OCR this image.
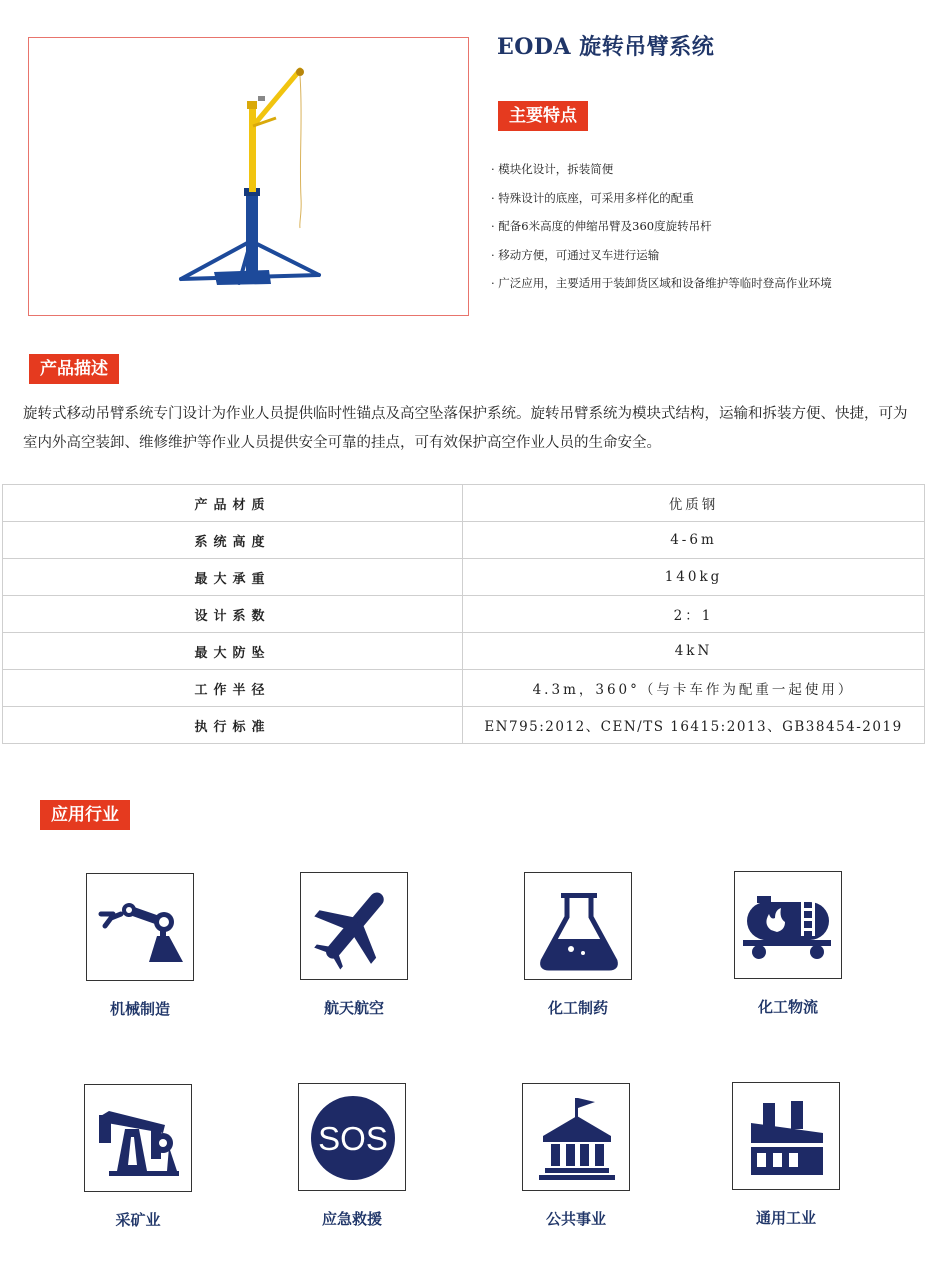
EODA 旋转吊臂系统
主要特点
· 模块化设计，拆装简便
· 特殊设计的底座，可采用多样化的配重
· 配备6米高度的伸缩吊臂及360度旋转吊杆
· 移动方便，可通过叉车进行运输
· 广泛应用，主要适用于装卸货区域和设备维护等临时登高作业环境
产品描述

旋转式移动吊臂系统专门设计为作业人员提供临时性锚点及高空坠落保护系统。旋转吊臂系统为模块式结构，运输和拆装方便、快捷，可为室内外高空装卸、维修维护等作业人员提供安全可靠的挂点，可有效保护高空作业人员的生命安全。

产品材质	优质钢
系统高度	4-6m
最大承重	140kg
设计系数	2：1
最大防坠	4kN
工作半径	4.3m，360°（与卡车作为配重一起使用）
执行标准	EN795:2012、CEN/TS 16415:2013、GB38454-2019
应用行业
机械制造	航天航空	化工制药	化工物流
采矿业
SOS
应急救援	公共事业	通用工业
